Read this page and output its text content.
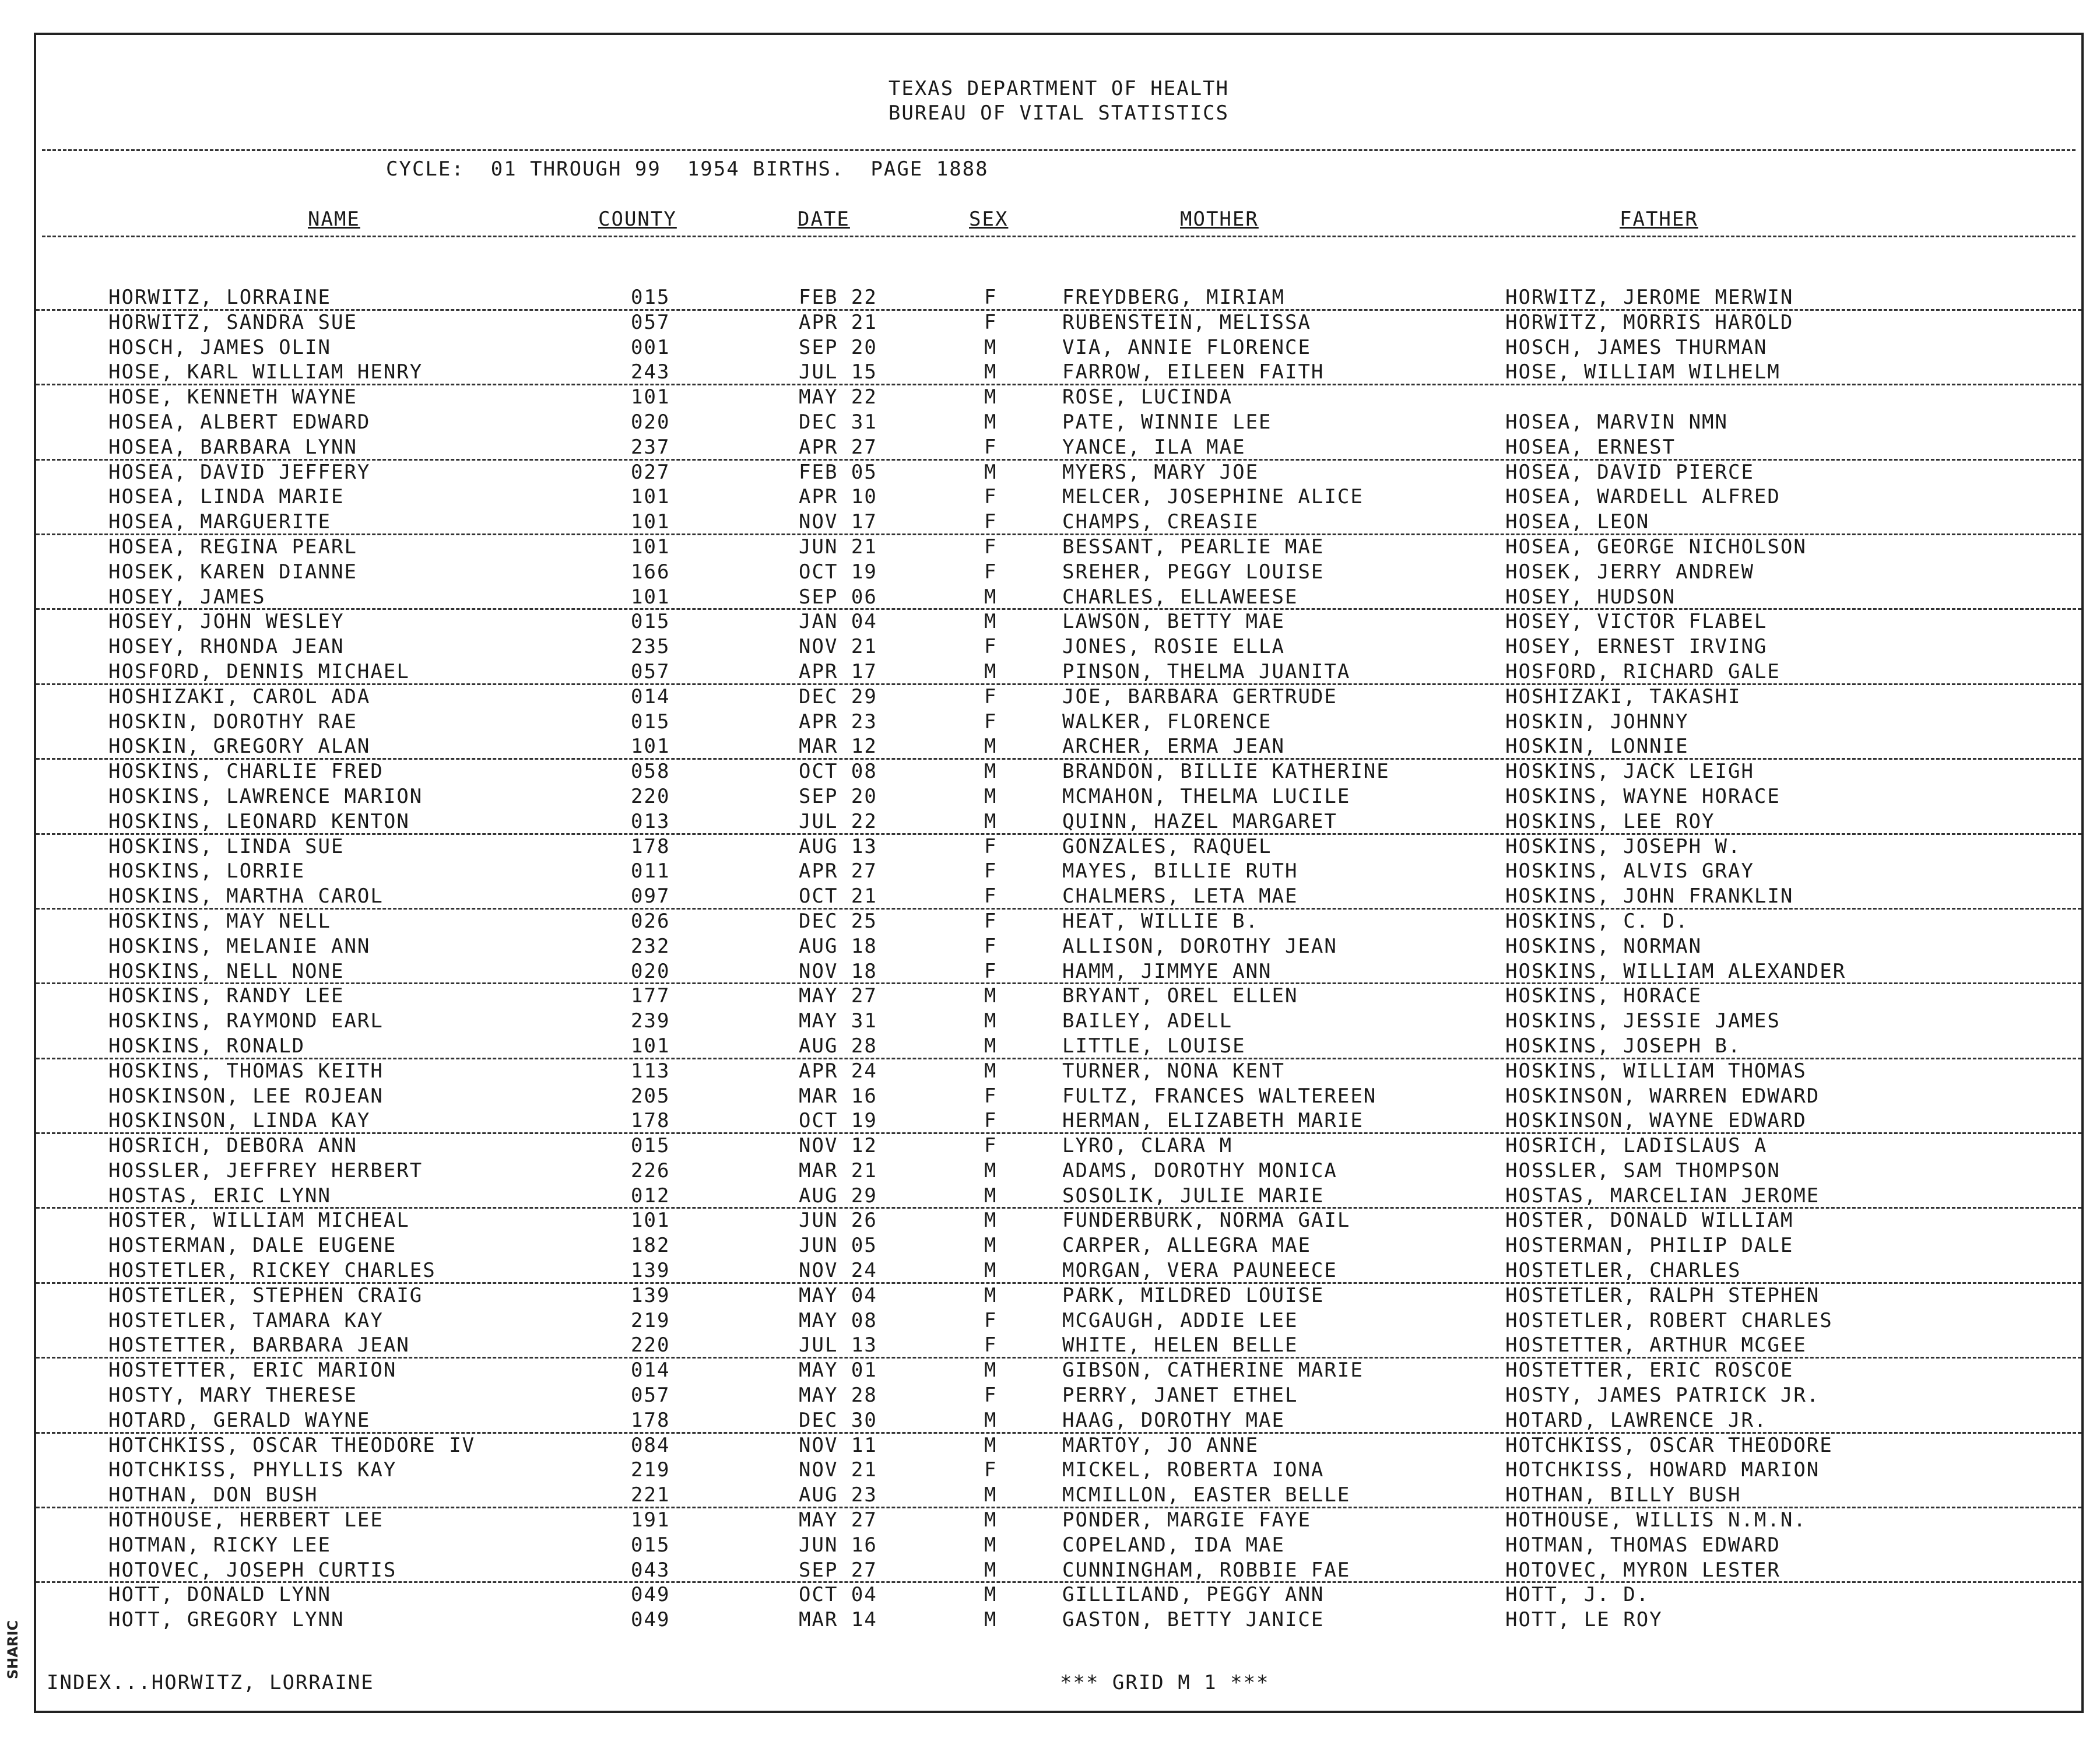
SHARIC
TEXAS DEPARTMENT OF HEALTH
BUREAU OF VITAL STATISTICS
CYCLE:  01 THROUGH 99  1954 BIRTHS.  PAGE 1888
NAME	COUNTY	DATE	SEX	MOTHER	FATHER
HORWITZ, LORRAINE	015	FEB 22	F	FREYDBERG, MIRIAM	HORWITZ, JEROME MERWIN
HORWITZ, SANDRA SUE	057	APR 21	F	RUBENSTEIN, MELISSA	HORWITZ, MORRIS HAROLD
HOSCH, JAMES OLIN	001	SEP 20	M	VIA, ANNIE FLORENCE	HOSCH, JAMES THURMAN
HOSE, KARL WILLIAM HENRY	243	JUL 15	M	FARROW, EILEEN FAITH	HOSE, WILLIAM WILHELM
HOSE, KENNETH WAYNE	101	MAY 22	M	ROSE, LUCINDA
HOSEA, ALBERT EDWARD	020	DEC 31	M	PATE, WINNIE LEE	HOSEA, MARVIN NMN
HOSEA, BARBARA LYNN	237	APR 27	F	YANCE, ILA MAE	HOSEA, ERNEST
HOSEA, DAVID JEFFERY	027	FEB 05	M	MYERS, MARY JOE	HOSEA, DAVID PIERCE
HOSEA, LINDA MARIE	101	APR 10	F	MELCER, JOSEPHINE ALICE	HOSEA, WARDELL ALFRED
HOSEA, MARGUERITE	101	NOV 17	F	CHAMPS, CREASIE	HOSEA, LEON
HOSEA, REGINA PEARL	101	JUN 21	F	BESSANT, PEARLIE MAE	HOSEA, GEORGE NICHOLSON
HOSEK, KAREN DIANNE	166	OCT 19	F	SREHER, PEGGY LOUISE	HOSEK, JERRY ANDREW
HOSEY, JAMES	101	SEP 06	M	CHARLES, ELLAWEESE	HOSEY, HUDSON
HOSEY, JOHN WESLEY	015	JAN 04	M	LAWSON, BETTY MAE	HOSEY, VICTOR FLABEL
HOSEY, RHONDA JEAN	235	NOV 21	F	JONES, ROSIE ELLA	HOSEY, ERNEST IRVING
HOSFORD, DENNIS MICHAEL	057	APR 17	M	PINSON, THELMA JUANITA	HOSFORD, RICHARD GALE
HOSHIZAKI, CAROL ADA	014	DEC 29	F	JOE, BARBARA GERTRUDE	HOSHIZAKI, TAKASHI
HOSKIN, DOROTHY RAE	015	APR 23	F	WALKER, FLORENCE	HOSKIN, JOHNNY
HOSKIN, GREGORY ALAN	101	MAR 12	M	ARCHER, ERMA JEAN	HOSKIN, LONNIE
HOSKINS, CHARLIE FRED	058	OCT 08	M	BRANDON, BILLIE KATHERINE	HOSKINS, JACK LEIGH
HOSKINS, LAWRENCE MARION	220	SEP 20	M	MCMAHON, THELMA LUCILE	HOSKINS, WAYNE HORACE
HOSKINS, LEONARD KENTON	013	JUL 22	M	QUINN, HAZEL MARGARET	HOSKINS, LEE ROY
HOSKINS, LINDA SUE	178	AUG 13	F	GONZALES, RAQUEL	HOSKINS, JOSEPH W.
HOSKINS, LORRIE	011	APR 27	F	MAYES, BILLIE RUTH	HOSKINS, ALVIS GRAY
HOSKINS, MARTHA CAROL	097	OCT 21	F	CHALMERS, LETA MAE	HOSKINS, JOHN FRANKLIN
HOSKINS, MAY NELL	026	DEC 25	F	HEAT, WILLIE B.	HOSKINS, C. D.
HOSKINS, MELANIE ANN	232	AUG 18	F	ALLISON, DOROTHY JEAN	HOSKINS, NORMAN
HOSKINS, NELL NONE	020	NOV 18	F	HAMM, JIMMYE ANN	HOSKINS, WILLIAM ALEXANDER
HOSKINS, RANDY LEE	177	MAY 27	M	BRYANT, OREL ELLEN	HOSKINS, HORACE
HOSKINS, RAYMOND EARL	239	MAY 31	M	BAILEY, ADELL	HOSKINS, JESSIE JAMES
HOSKINS, RONALD	101	AUG 28	M	LITTLE, LOUISE	HOSKINS, JOSEPH B.
HOSKINS, THOMAS KEITH	113	APR 24	M	TURNER, NONA KENT	HOSKINS, WILLIAM THOMAS
HOSKINSON, LEE ROJEAN	205	MAR 16	F	FULTZ, FRANCES WALTEREEN	HOSKINSON, WARREN EDWARD
HOSKINSON, LINDA KAY	178	OCT 19	F	HERMAN, ELIZABETH MARIE	HOSKINSON, WAYNE EDWARD
HOSRICH, DEBORA ANN	015	NOV 12	F	LYRO, CLARA M	HOSRICH, LADISLAUS A
HOSSLER, JEFFREY HERBERT	226	MAR 21	M	ADAMS, DOROTHY MONICA	HOSSLER, SAM THOMPSON
HOSTAS, ERIC LYNN	012	AUG 29	M	SOSOLIK, JULIE MARIE	HOSTAS, MARCELIAN JEROME
HOSTER, WILLIAM MICHEAL	101	JUN 26	M	FUNDERBURK, NORMA GAIL	HOSTER, DONALD WILLIAM
HOSTERMAN, DALE EUGENE	182	JUN 05	M	CARPER, ALLEGRA MAE	HOSTERMAN, PHILIP DALE
HOSTETLER, RICKEY CHARLES	139	NOV 24	M	MORGAN, VERA PAUNEECE	HOSTETLER, CHARLES
HOSTETLER, STEPHEN CRAIG	139	MAY 04	M	PARK, MILDRED LOUISE	HOSTETLER, RALPH STEPHEN
HOSTETLER, TAMARA KAY	219	MAY 08	F	MCGAUGH, ADDIE LEE	HOSTETLER, ROBERT CHARLES
HOSTETTER, BARBARA JEAN	220	JUL 13	F	WHITE, HELEN BELLE	HOSTETTER, ARTHUR MCGEE
HOSTETTER, ERIC MARION	014	MAY 01	M	GIBSON, CATHERINE MARIE	HOSTETTER, ERIC ROSCOE
HOSTY, MARY THERESE	057	MAY 28	F	PERRY, JANET ETHEL	HOSTY, JAMES PATRICK JR.
HOTARD, GERALD WAYNE	178	DEC 30	M	HAAG, DOROTHY MAE	HOTARD, LAWRENCE JR.
HOTCHKISS, OSCAR THEODORE IV	084	NOV 11	M	MARTOY, JO ANNE	HOTCHKISS, OSCAR THEODORE
HOTCHKISS, PHYLLIS KAY	219	NOV 21	F	MICKEL, ROBERTA IONA	HOTCHKISS, HOWARD MARION
HOTHAN, DON BUSH	221	AUG 23	M	MCMILLON, EASTER BELLE	HOTHAN, BILLY BUSH
HOTHOUSE, HERBERT LEE	191	MAY 27	M	PONDER, MARGIE FAYE	HOTHOUSE, WILLIS N.M.N.
HOTMAN, RICKY LEE	015	JUN 16	M	COPELAND, IDA MAE	HOTMAN, THOMAS EDWARD
HOTOVEC, JOSEPH CURTIS	043	SEP 27	M	CUNNINGHAM, ROBBIE FAE	HOTOVEC, MYRON LESTER
HOTT, DONALD LYNN	049	OCT 04	M	GILLILAND, PEGGY ANN	HOTT, J. D.
HOTT, GREGORY LYNN	049	MAR 14	M	GASTON, BETTY JANICE	HOTT, LE ROY
INDEX...HORWITZ, LORRAINE	*** GRID M 1 ***
